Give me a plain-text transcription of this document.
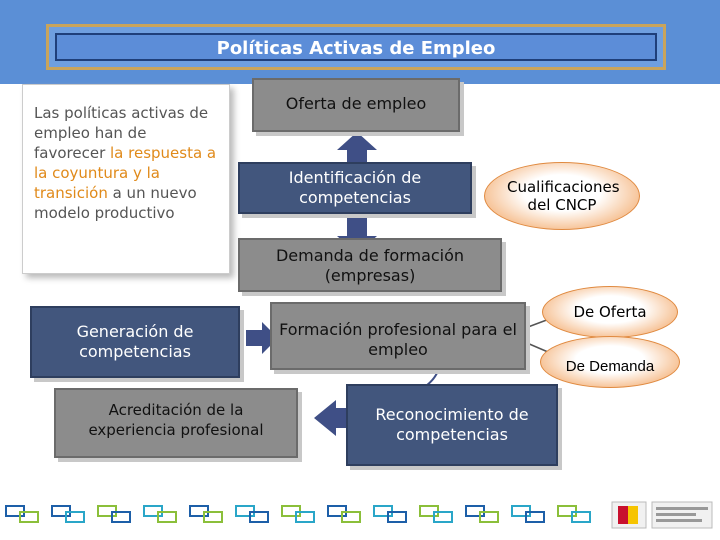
Políticas Activas de Empleo
Las políticas activas de empleo han de favorecer la respuesta a la coyuntura y la transición a un nuevo modelo productivo
Oferta de empleo
Identificación de competencias
Cualificaciones del CNCP
Demanda de formación (empresas)
Generación de competencias
Formación profesional para el empleo
De Oferta
De Demanda
Acreditación de la experiencia profesional
Reconocimiento de competencias
